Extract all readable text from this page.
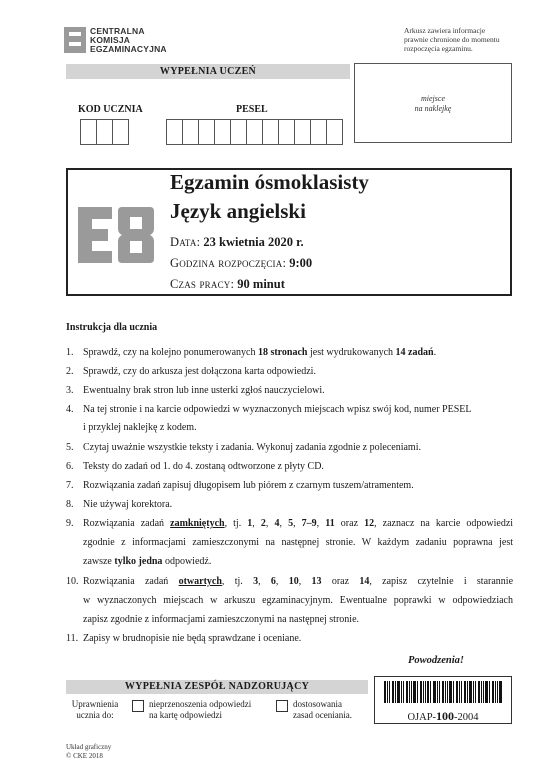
CENTRALNA
KOMISJA
EGZAMINACYJNA
Arkusz zawiera informacje
prawnie chronione do momentu
rozpoczęcia egzaminu.
WYPEŁNIA UCZEŃ
KOD UCZNIA	PESEL
miejsce
na naklejkę
Egzamin ósmoklasisty
Język angielski
Data: 23 kwietnia 2020 r.
Godzina rozpoczęcia: 9:00
Czas pracy: 90 minut
Instrukcja dla ucznia
1. Sprawdź, czy na kolejno ponumerowanych 18 stronach jest wydrukowanych 14 zadań.
2. Sprawdź, czy do arkusza jest dołączona karta odpowiedzi.
3. Ewentualny brak stron lub inne usterki zgłoś nauczycielowi.
4. Na tej stronie i na karcie odpowiedzi w wyznaczonych miejscach wpisz swój kod, numer PESEL
i przyklej naklejkę z kodem.
5. Czytaj uważnie wszystkie teksty i zadania. Wykonuj zadania zgodnie z poleceniami.
6. Teksty do zadań od 1. do 4. zostaną odtworzone z płyty CD.
7. Rozwiązania zadań zapisuj długopisem lub piórem z czarnym tuszem/atramentem.
8. Nie używaj korektora.
9. Rozwiązania zadań zamkniętych, tj. 1, 2, 4, 5, 7–9, 11 oraz 12, zaznacz na karcie odpowiedzi
zgodnie z informacjami zamieszczonymi na następnej stronie. W każdym zadaniu poprawna jest
zawsze tylko jedna odpowiedź.
10. Rozwiązania zadań otwartych, tj. 3, 6, 10, 13 oraz 14, zapisz czytelnie i starannie
w wyznaczonych miejscach w arkuszu egzaminacyjnym. Ewentualne poprawki w odpowiedziach
zapisz zgodnie z informacjami zamieszczonymi na następnej stronie.
11. Zapisy w brudnopisie nie będą sprawdzane i oceniane.
Powodzenia!
WYPEŁNIA ZESPÓŁ NADZORUJĄCY
Uprawnienia
ucznia do:
nieprzenoszenia odpowiedzi
na kartę odpowiedzi
dostosowania
zasad oceniania.	OJAP-100-2004
Układ graficzny
© CKE 2018
